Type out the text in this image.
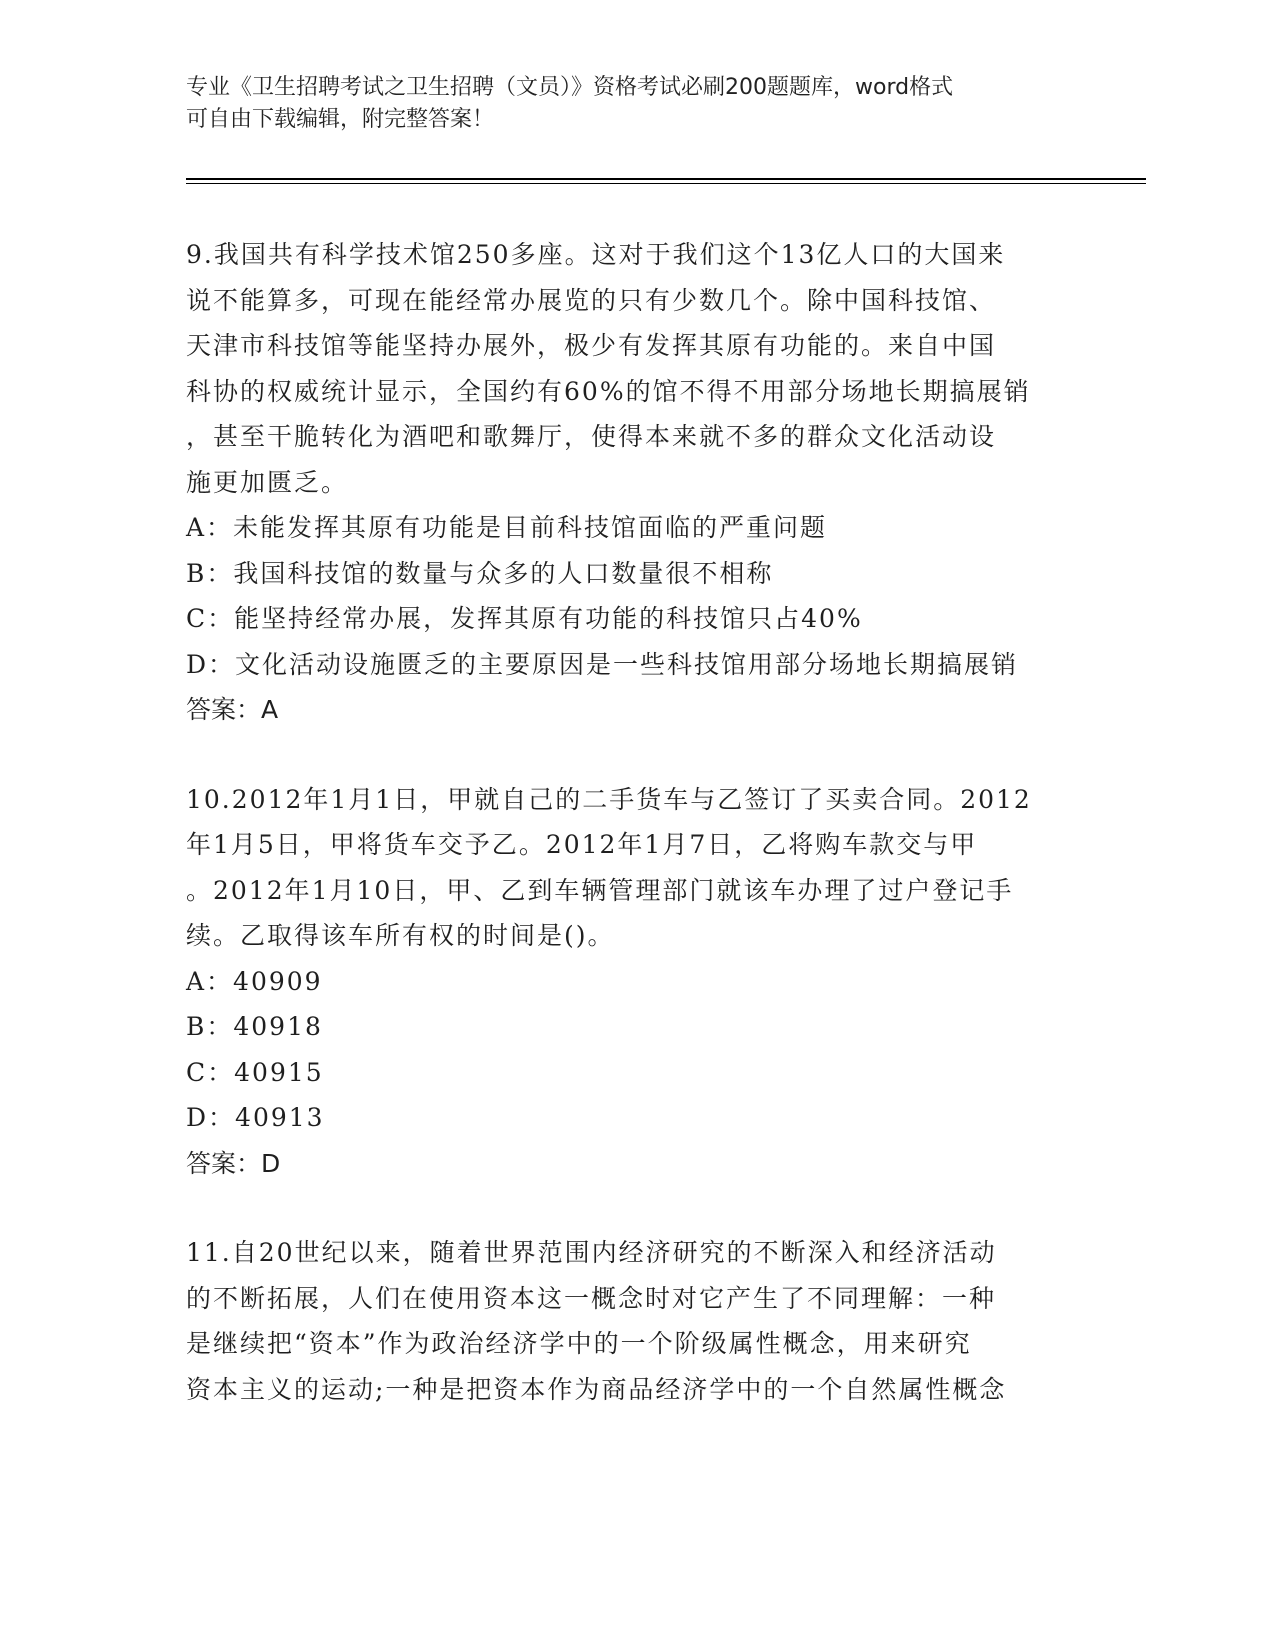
专业《卫生招聘考试之卫生招聘（文员）》资格考试必刷200题题库，word格式
可自由下载编辑，附完整答案！
9.我国共有科学技术馆250多座。这对于我们这个13亿人口的大国来
说不能算多，可现在能经常办展览的只有少数几个。除中国科技馆、
天津市科技馆等能坚持办展外，极少有发挥其原有功能的。来自中国
科协的权威统计显示，全国约有60%的馆不得不用部分场地长期搞展销
，甚至干脆转化为酒吧和歌舞厅，使得本来就不多的群众文化活动设
施更加匮乏。
A：未能发挥其原有功能是目前科技馆面临的严重问题
B：我国科技馆的数量与众多的人口数量很不相称
C：能坚持经常办展，发挥其原有功能的科技馆只占40%
D：文化活动设施匮乏的主要原因是一些科技馆用部分场地长期搞展销
答案：A
10.2012年1月1日，甲就自己的二手货车与乙签订了买卖合同。2012
年1月5日，甲将货车交予乙。2012年1月7日，乙将购车款交与甲
。2012年1月10日，甲、乙到车辆管理部门就该车办理了过户登记手
续。乙取得该车所有权的时间是()。
A：40909
B：40918
C：40915
D：40913
答案：D
11.自20世纪以来，随着世界范围内经济研究的不断深入和经济活动
的不断拓展，人们在使用资本这一概念时对它产生了不同理解：一种
是继续把“资本”作为政治经济学中的一个阶级属性概念，用来研究
资本主义的运动;一种是把资本作为商品经济学中的一个自然属性概念
